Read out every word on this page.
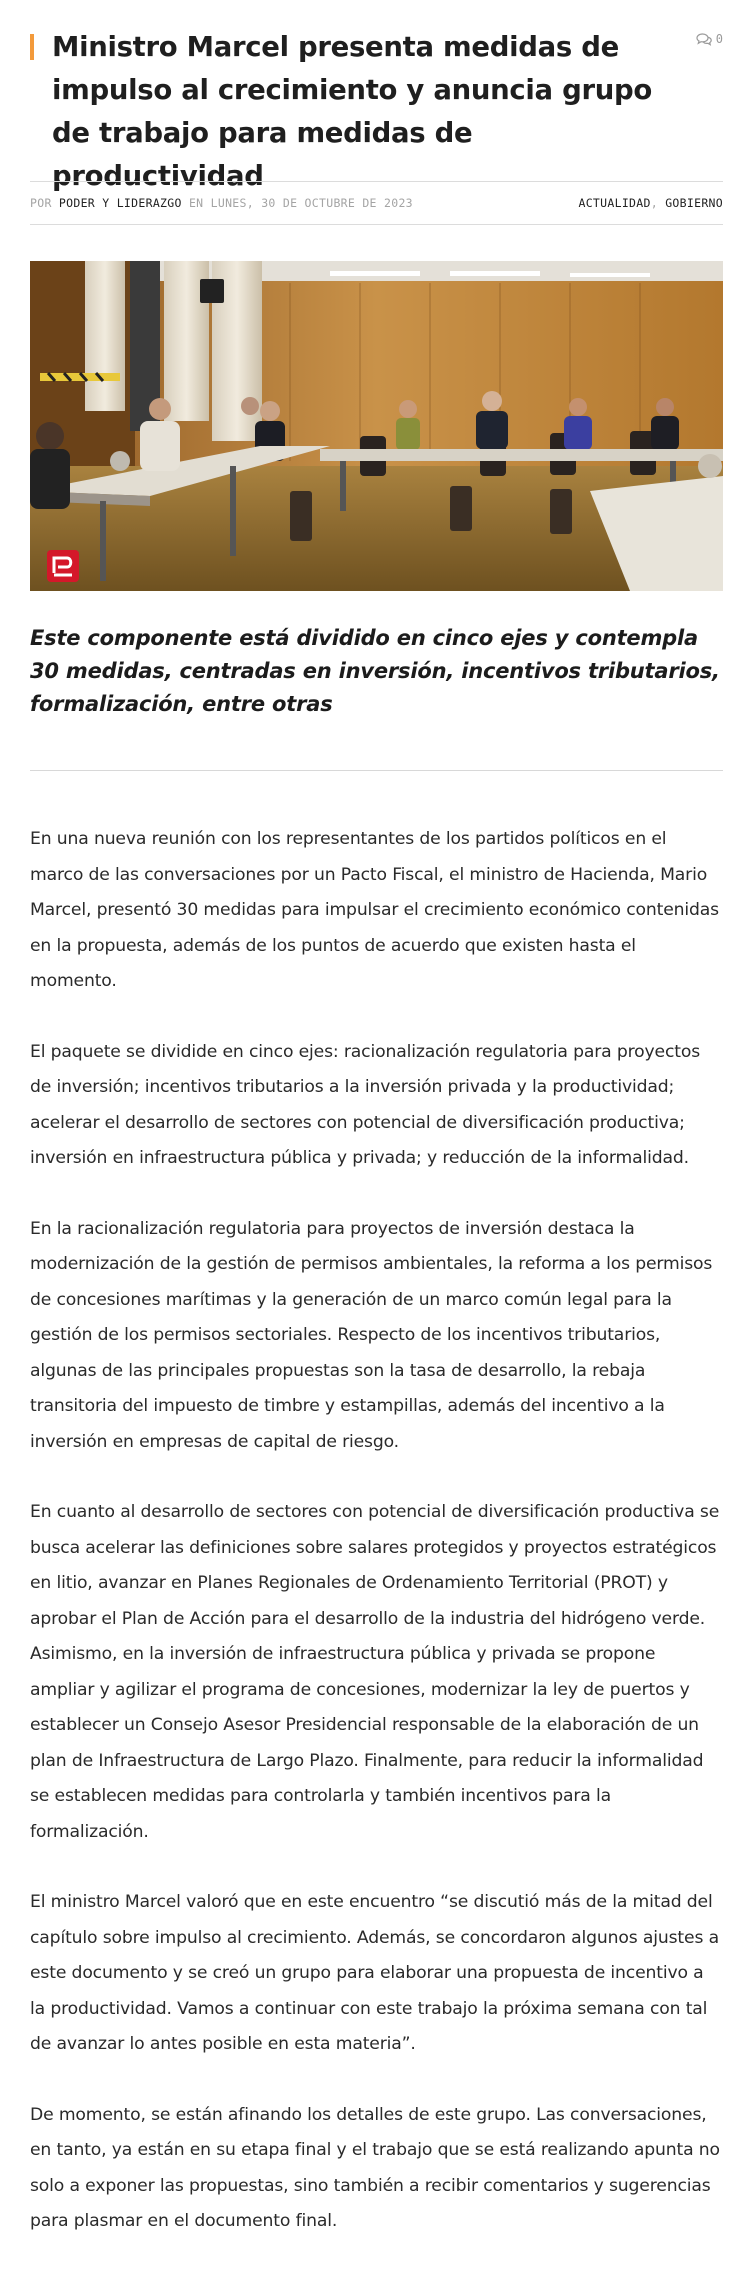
Ministro Marcel presenta medidas de impulso al crecimiento y anuncia grupo de trabajo para medidas de productividad
0
POR PODER Y LIDERAZGO EN LUNES, 30 DE OCTUBRE DE 2023	ACTUALIDAD, GOBIERNO
Este componente está dividido en cinco ejes y contempla 30 medidas, centradas en inversión, incentivos tributarios, formalización, entre otras

En una nueva reunión con los representantes de los partidos políticos en el marco de las conversaciones por un Pacto Fiscal, el ministro de Hacienda, Mario Marcel, presentó 30 medidas para impulsar el crecimiento económico contenidas en la propuesta, además de los puntos de acuerdo que existen hasta el momento.

El paquete se dividide en cinco ejes: racionalización regulatoria para proyectos de inversión; incentivos tributarios a la inversión privada y la productividad; acelerar el desarrollo de sectores con potencial de diversificación productiva; inversión en infraestructura pública y privada; y reducción de la informalidad.

En la racionalización regulatoria para proyectos de inversión destaca la modernización de la gestión de permisos ambientales, la reforma a los permisos de concesiones marítimas y la generación de un marco común legal para la gestión de los permisos sectoriales. Respecto de los incentivos tributarios, algunas de las principales propuestas son la tasa de desarrollo, la rebaja transitoria del impuesto de timbre y estampillas, además del incentivo a la inversión en empresas de capital de riesgo.

En cuanto al desarrollo de sectores con potencial de diversificación productiva se busca acelerar las definiciones sobre salares protegidos y proyectos estratégicos en litio, avanzar en Planes Regionales de Ordenamiento Territorial (PROT) y aprobar el Plan de Acción para el desarrollo de la industria del hidrógeno verde. Asimismo, en la inversión de infraestructura pública y privada se propone ampliar y agilizar el programa de concesiones, modernizar la ley de puertos y establecer un Consejo Asesor Presidencial responsable de la elaboración de un plan de Infraestructura de Largo Plazo. Finalmente, para reducir la informalidad se establecen medidas para controlarla y también incentivos para la formalización.

El ministro Marcel valoró que en este encuentro “se discutió más de la mitad del capítulo sobre impulso al crecimiento. Además, se concordaron algunos ajustes a este documento y se creó un grupo para elaborar una propuesta de incentivo a la productividad. Vamos a continuar con este trabajo la próxima semana con tal de avanzar lo antes posible en esta materia”.

De momento, se están afinando los detalles de este grupo. Las conversaciones, en tanto, ya están en su etapa final y el trabajo que se está realizando apunta no solo a exponer las propuestas, sino también a recibir comentarios y sugerencias para plasmar en el documento final.
